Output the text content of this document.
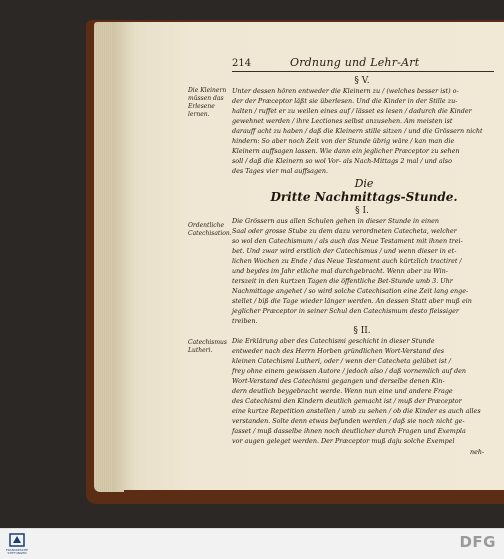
214	Ordnung und Lehr-Art
§ V.
Die Kleinern
müssen das
Erlesene
lernen.
Unter dessen hören entweder die Kleinern zu / (welches besser ist) o-
der der Præceptor läßt sie überlesen. Und die Kinder in der Stille zu-
halten / ruffet er zu weilen eines auf / lässet es lesen / dadurch die Kinder
gewehnet werden / ihre Lectiones selbst anzusehen. Am meisten ist
darauff acht zu haben / daß die Kleinern stille sitzen / und die Grössern nicht
hindern: So aber noch Zeit von der Stunde übrig wäre / kan man die
Kleinern auffsagen lassen. Wie dann ein jeglicher Præceptor zu sehen
soll / daß die Kleinern so wol Vor- als Nach-Mittags 2 mal / und also
des Tages vier mal auffsagen.
Die
Dritte Nachmittags-Stunde.
§ I.
Ordentliche
Catechisation.
Die Grössern aus allen Schulen gehen in dieser Stunde in einen
Saal oder grosse Stube zu dem dazu verordneten Catecheta, welcher
so wol den Catechismum / als auch das Neue Testament mit ihnen trei-
bet. Und zwar wird erstlich der Catechismus / und wenn dieser in et-
lichen Wochen zu Ende / das Neue Testament auch kürtzlich tractiret /
und beydes im Jahr etliche mal durchgebracht. Wenn aber zu Win-
terszeit in den kurtzen Tagen die öffentliche Bet-Stunde umb 3. Uhr
Nachmittage angehet / so wird solche Catechisation eine Zeit lang enge-
stellet / biß die Tage wieder länger werden. An dessen Statt aber muß ein
jeglicher Præceptor in seiner Schul den Catechismum desto fleissiger
treiben.
§ II.
Catechismus
Lutheri.
Die Erklärung aber des Catechismi geschicht in dieser Stunde
entweder nach des Herrn Horben gründlichen Wort-Verstand des
kleinen Catechismi Lutheri, oder / wenn der Catecheta gelübet ist /
frey ohne einem gewissen Autore / jedoch also / daß vornemlich auf den
Wort-Verstand des Catechismi gegangen und derselbe denen Kin-
dern deutlich beygebracht werde. Wenn nun eine und andere Frage
des Catechismi den Kindern deutlich gemacht ist / muß der Præceptor
eine kurtze Repetition anstellen / umb zu sehen / ob die Kinder es auch alles
verstanden. Solte denn etwas befunden werden / daß sie noch nicht ge-
fasset / muß dasselbe ihnen noch deutlicher durch Fragen und Exempla
vor augen geleget werden. Der Præceptor muß daju solche Exempel
neh-
FRANCKESCHE
STIFTUNGEN
DFG
